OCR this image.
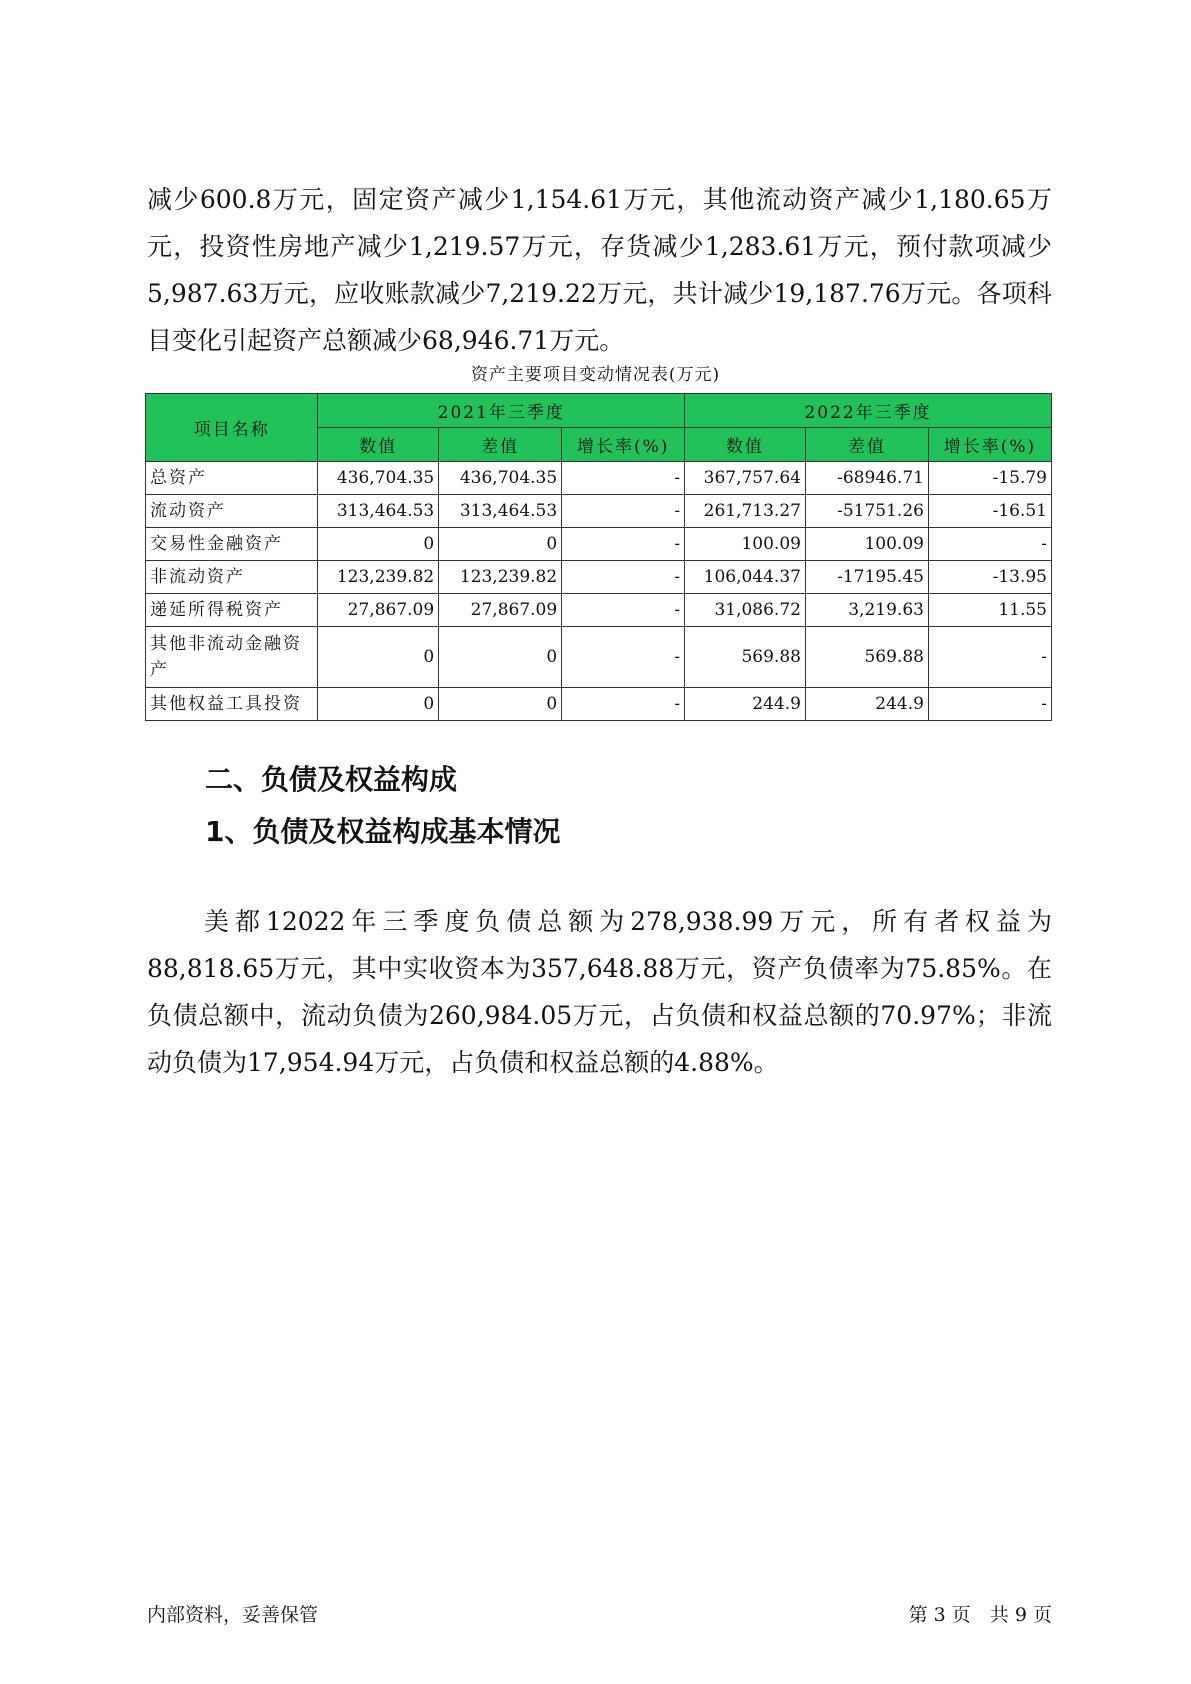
减少600.8万元，固定资产减少1,154.61万元，其他流动资产减少1,180.65万元，投资性房地产减少1,219.57万元，存货减少1,283.61万元，预付款项减少5,987.63万元，应收账款减少7,219.22万元，共计减少19,187.76万元。各项科目变化引起资产总额减少68,946.71万元。

资产主要项目变动情况表(万元)
项目名称	2021年三季度			2022年三季度		
	数值	差值	增长率(%)	数值	差值	增长率(%)
总资产	436,704.35	436,704.35	-	367,757.64	-68946.71	-15.79
流动资产	313,464.53	313,464.53	-	261,713.27	-51751.26	-16.51
交易性金融资产	0	0	-	100.09	100.09	-
非流动资产	123,239.82	123,239.82	-	106,044.37	-17195.45	-13.95
递延所得税资产	27,867.09	27,867.09	-	31,086.72	3,219.63	11.55
其他非流动金融资产	0	0	-	569.88	569.88	-
其他权益工具投资	0	0	-	244.9	244.9	-
二、负债及权益构成
1、负债及权益构成基本情况

美都12022年三季度负债总额为278,938.99万元，所有者权益为88,818.65万元，其中实收资本为357,648.88万元，资产负债率为75.85%。在负债总额中，流动负债为260,984.05万元，占负债和权益总额的70.97%；非流动负债为17,954.94万元，占负债和权益总额的4.88%。

内部资料，妥善保管	第 3 页　共 9 页
